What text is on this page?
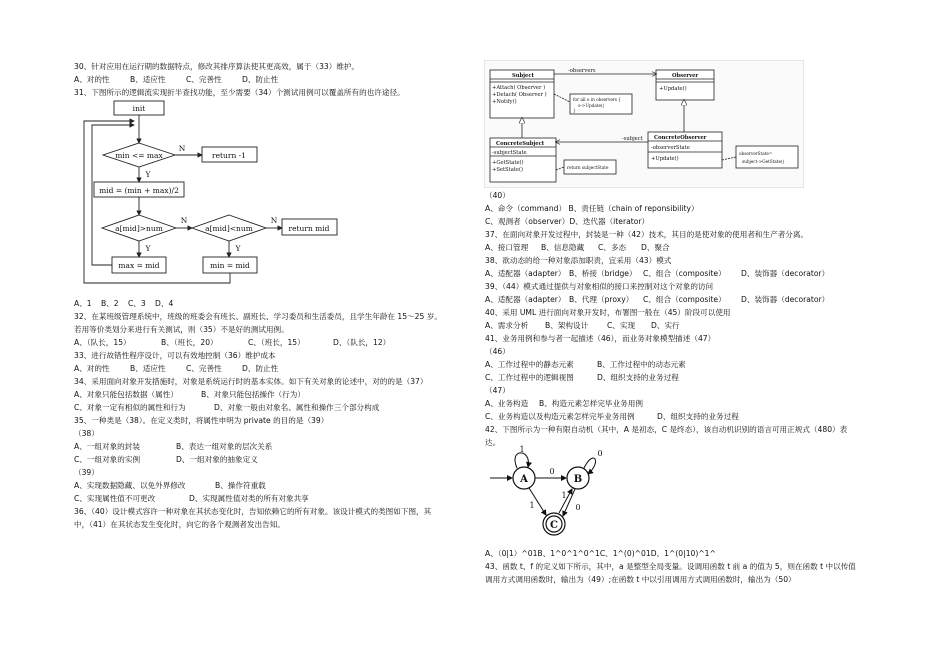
30、针对应用在运行期的数据特点，修改其排序算法使其更高效，属于（33）维护。
A、对的性	B、适应性	C、完善性	D、防止性
31、下图所示的逻辑流实现折半查找功能，至少需要（34）个测试用例可以覆盖所有的也许途径。
init
min <= max
N
return -1
Y
mid = (min + max)/2
a[mid]>num
N
a[mid]<num
N
return mid
Y	Y
max = mid	min = mid
A、1 B、2 C、3 D、4
32、在某班级管理系统中，班级的班委会有班长、副班长、学习委员和生活委员，且学生年龄在 15～25 岁。
若用等价类划分来进行有关测试，则（35）不是好的测试用例。
A、（队长，15）	B、（班长，20）	C、（班长，15）	D、（队长，12）
33、进行故错性程序设计，可以有效地控制（36）维护成本
A、对的性	B、适应性	C、完善性	D、防止性
34、采用面向对象开发措施时，对象是系统运行时的基本实体。如下有关对象的论述中，对的的是（37）
A、对象只能包括数据（属性）	B、对象只能包括操作（行为）
C、对象一定有相似的属性和行为	D、对象一般由对象名、属性和操作三个部分构成
35、一种类是（38）。在定义类时，将属性申明为 private 的目的是（39）
（38）
A、一组对象的封装	B、表达一组对象的层次关系
C、一组对象的实例	D、一组对象的抽象定义
（39）
A、实现数据隐藏、以免外界修改	B、操作符重载
C、实现属性值不可更改	D、实现属性值对类的所有对象共享
36、（40）设计模式容许一种对象在其状态变化时，告知依赖它的所有对象。该设计模式的类图如下图，其
中，（41）在其状态发生变化时，向它的各个观测者发出告知。
Subject
-observers
+Attach( Observer )
+Detach( Observer )
+Notify()	for all o in observers {
o->Update()
}
Observer
+Update()
ConcreteSubject
-subjectState
+GetState()
+SetState()	return subjectState
-subject ConcreteObserver
-observerState
+Update()
observerState=
subject->GetState()
（40）
A、命令（command） B、责任链（chain of reponsibility）
C、观测者（observer）D、迭代器（iterator）
37、在面向对象开发过程中，封装是一种（42）技术，其目的是使对象的使用者和生产者分离。
A、接口管理 B、信息隐藏 C、多态 D、聚合
38、欲动态的给一种对象添加职责，宜采用（43）模式
A、适配器（adapter） B、桥接（bridge） C、组合（composite） D、装饰器（decorator）
39、（44）模式通过提供与对象相似的接口来控制对这个对象的访问
A、适配器（adapter） B、代理（proxy） C、组合（composite） D、装饰器（decorator）
40、采用 UML 进行面向对象开发时，布署图一般在（45）阶段可以使用
A、需求分析 B、架构设计 C、实现 D、实行
41、业务用例和参与者一起描述（46），而业务对象模型描述（47）
（46）
A、工作过程中的静态元素	B、工作过程中的动态元素
C、工作过程中的逻辑视图	D、组织支持的业务过程
（47）
A、业务构造 B、构造元素怎样完毕业务用例
C、业务构造以及构造元素怎样完毕业务用例	D、组织支持的业务过程
42、下图所示为一种有限自动机（其中，A 是初态，C 是终态），该自动机识别的语言可用正规式（480）表
达。
A	B
C
1	0
0
1
1
0
A、（0|1）^01B、1^0^1^0^1C、1^(0)^01D、1^(0|10)^1^
43、函数 t、f 的定义如下所示，其中，a 是整型全局变量。设调用函数 t 前 a 的值为 5，则在函数 t 中以传值
调用方式调用函数时，输出为（49）;在函数 t 中以引用调用方式调用函数时，输出为（50）
